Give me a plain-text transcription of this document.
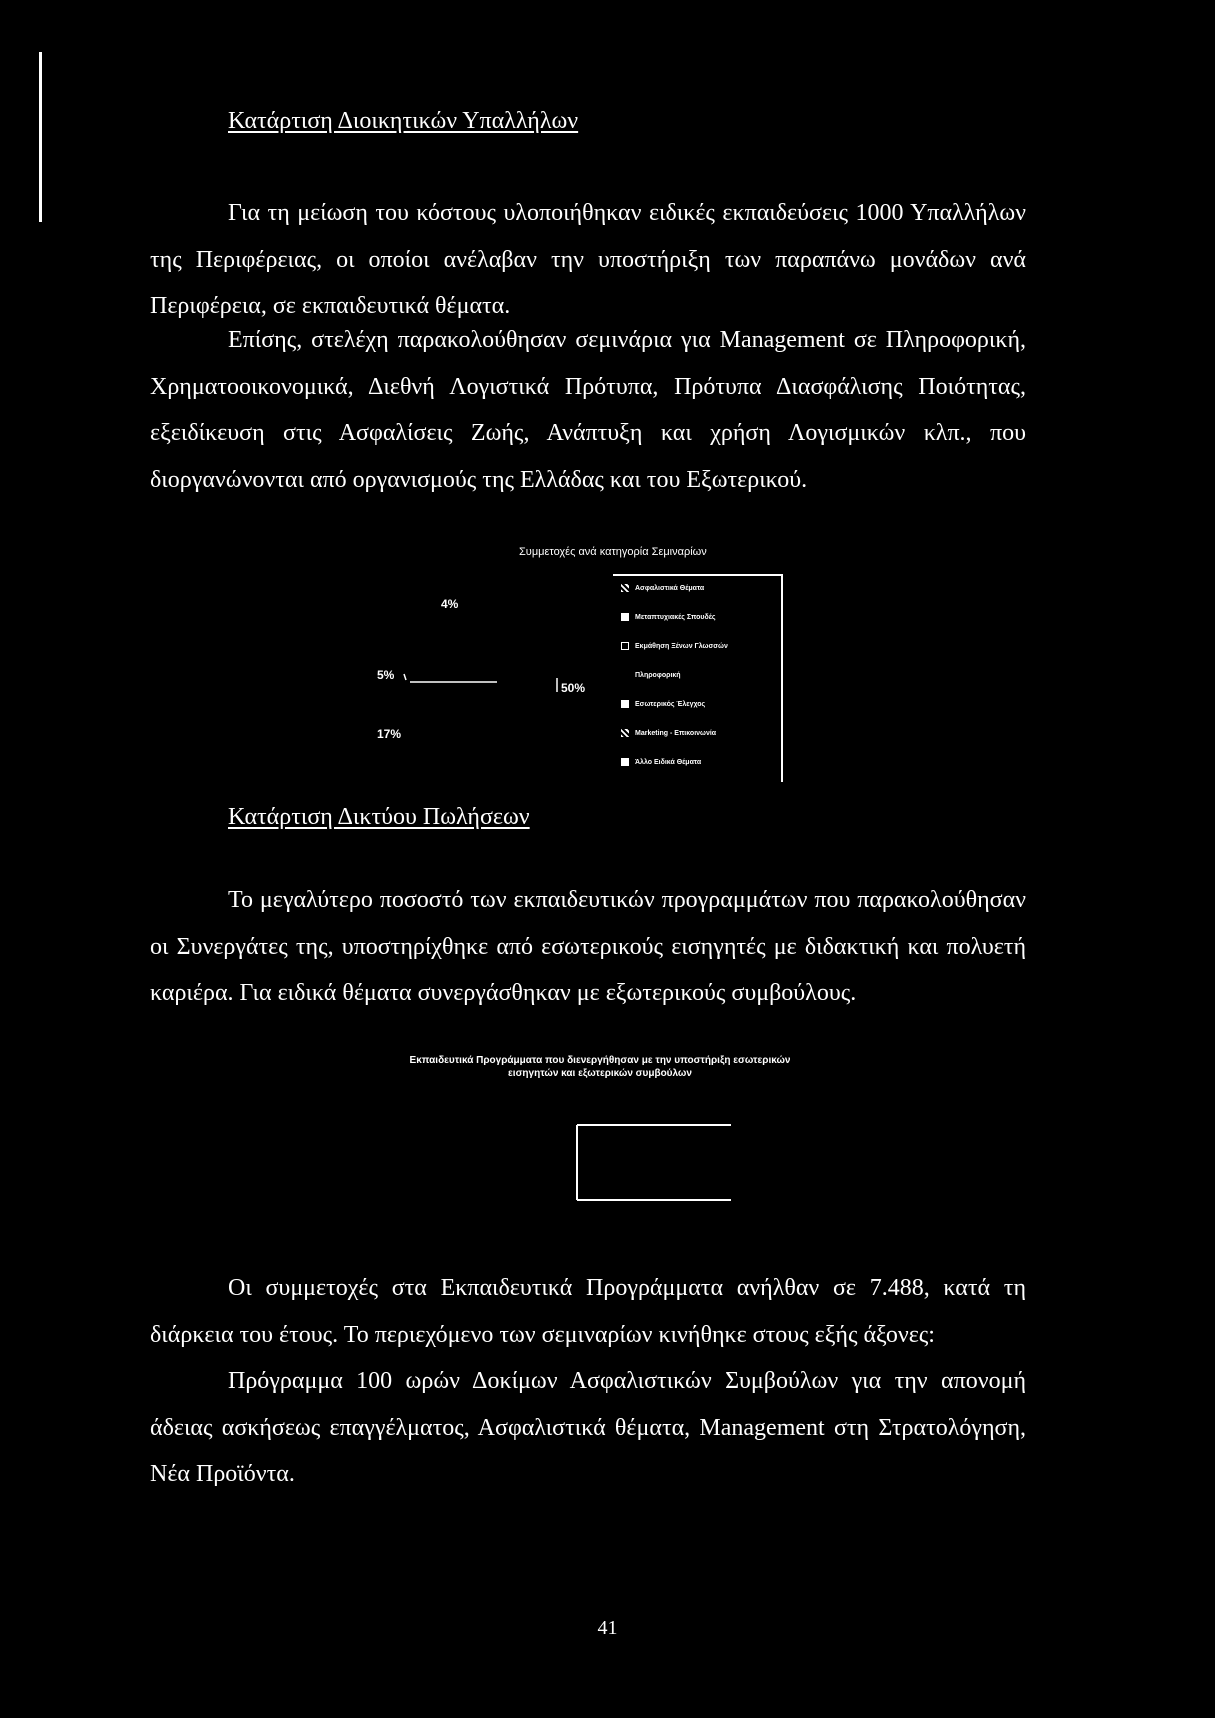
Κατάρτιση Διοικητικών Υπαλλήλων

Για τη μείωση του κόστους υλοποιήθηκαν ειδικές εκπαιδεύσεις 1000 Υπαλλήλων της Περιφέρειας, οι οποίοι ανέλαβαν την υποστήριξη των παραπάνω μονάδων ανά Περιφέρεια, σε εκπαιδευτικά θέματα.

Επίσης, στελέχη παρακολούθησαν σεμινάρια για Management σε Πληροφορική, Χρηματοοικονομικά, Διεθνή Λογιστικά Πρότυπα, Πρότυπα Διασφάλισης Ποιότητας, εξειδίκευση στις Ασφαλίσεις Ζωής, Ανάπτυξη και χρήση Λογισμικών κλπ., που διοργανώνονται από οργανισμούς της Ελλάδας και του Εξωτερικού.

Συμμετοχές ανά κατηγορία Σεμιναρίων
4%
5%
17%
50%
Ασφαλιστικά Θέματα
Μεταπτυχιακές Σπουδές
Εκμάθηση Ξένων Γλωσσών
Πληροφορική
Εσωτερικός Έλεγχος
Marketing - Επικοινωνία
Άλλο Ειδικά Θέματα
Κατάρτιση Δικτύου Πωλήσεων

Το μεγαλύτερο ποσοστό των εκπαιδευτικών προγραμμάτων που παρακολούθησαν οι Συνεργάτες της, υποστηρίχθηκε από εσωτερικούς εισηγητές με διδακτική και πολυετή καριέρα. Για ειδικά θέματα συνεργάσθηκαν με εξωτερικούς συμβούλους.

Εκπαιδευτικά Προγράμματα που διενεργήθησαν με την υποστήριξη εσωτερικών εισηγητών και εξωτερικών συμβούλων

Οι συμμετοχές στα Εκπαιδευτικά Προγράμματα ανήλθαν σε 7.488, κατά τη διάρκεια του έτους. Το περιεχόμενο των σεμιναρίων κινήθηκε στους εξής άξονες:

Πρόγραμμα 100 ωρών Δοκίμων Ασφαλιστικών Συμβούλων για την απονομή άδειας ασκήσεως επαγγέλματος, Ασφαλιστικά θέματα, Management στη Στρατολόγηση, Νέα Προϊόντα.

41
